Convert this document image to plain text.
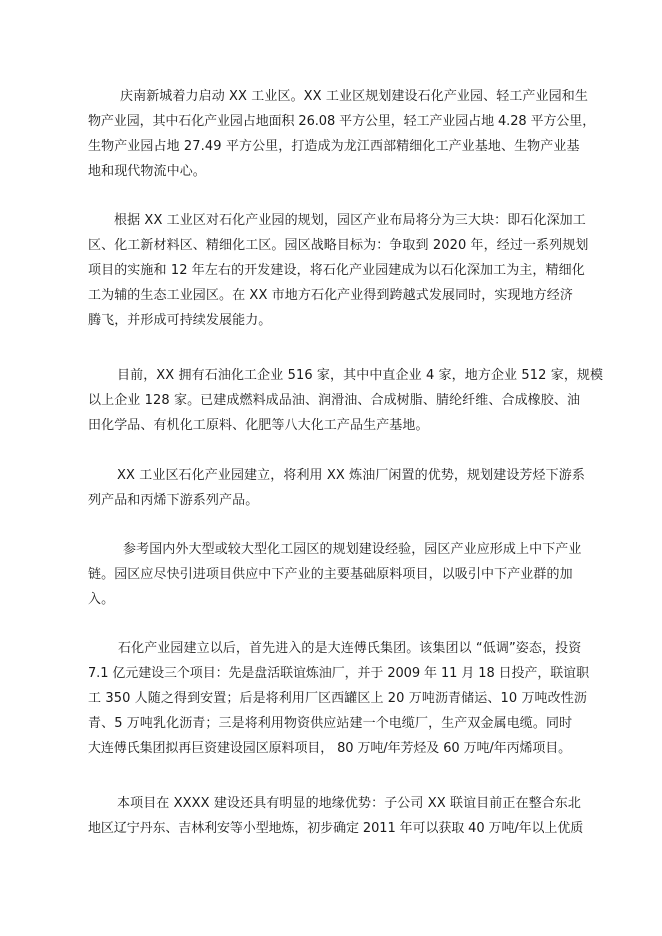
庆南新城着力启动 XX 工业区。XX 工业区规划建设石化产业园、轻工产业园和生
物产业园，其中石化产业园占地面积 26.08 平方公里，轻工产业园占地 4.28 平方公里，
生物产业园占地 27.49 平方公里，打造成为龙江西部精细化工产业基地、生物产业基
地和现代物流中心。
根据 XX 工业区对石化产业园的规划，园区产业布局将分为三大块：即石化深加工
区、化工新材料区、精细化工区。园区战略目标为：争取到 2020 年，经过一系列规划
项目的实施和 12 年左右的开发建设，将石化产业园建成为以石化深加工为主，精细化
工为辅的生态工业园区。在 XX 市地方石化产业得到跨越式发展同时，实现地方经济
腾飞，并形成可持续发展能力。
目前，XX 拥有石油化工企业 516 家，其中中直企业 4 家，地方企业 512 家，规模
以上企业 128 家。已建成燃料成品油、润滑油、合成树脂、腈纶纤维、合成橡胶、油
田化学品、有机化工原料、化肥等八大化工产品生产基地。
XX 工业区石化产业园建立，将利用 XX 炼油厂闲置的优势，规划建设芳烃下游系
列产品和丙烯下游系列产品。
参考国内外大型或较大型化工园区的规划建设经验，园区产业应形成上中下产业
链。园区应尽快引进项目供应中下产业的主要基础原料项目，以吸引中下产业群的加
入。
石化产业园建立以后，首先进入的是大连傅氏集团。该集团以 “低调”姿态，投资
7.1 亿元建设三个项目：先是盘活联谊炼油厂，并于 2009 年 11 月 18 日投产，联谊职
工 350 人随之得到安置；后是将利用厂区西罐区上 20 万吨沥青储运、10 万吨改性沥
青、5 万吨乳化沥青；三是将利用物资供应站建一个电缆厂，生产双金属电缆。同时
大连傅氏集团拟再巨资建设园区原料项目， 80 万吨/年芳烃及 60 万吨/年丙烯项目。
本项目在 XXXX 建设还具有明显的地缘优势：子公司 XX 联谊目前正在整合东北
地区辽宁丹东、吉林利安等小型地炼，初步确定 2011 年可以获取 40 万吨/年以上优质
